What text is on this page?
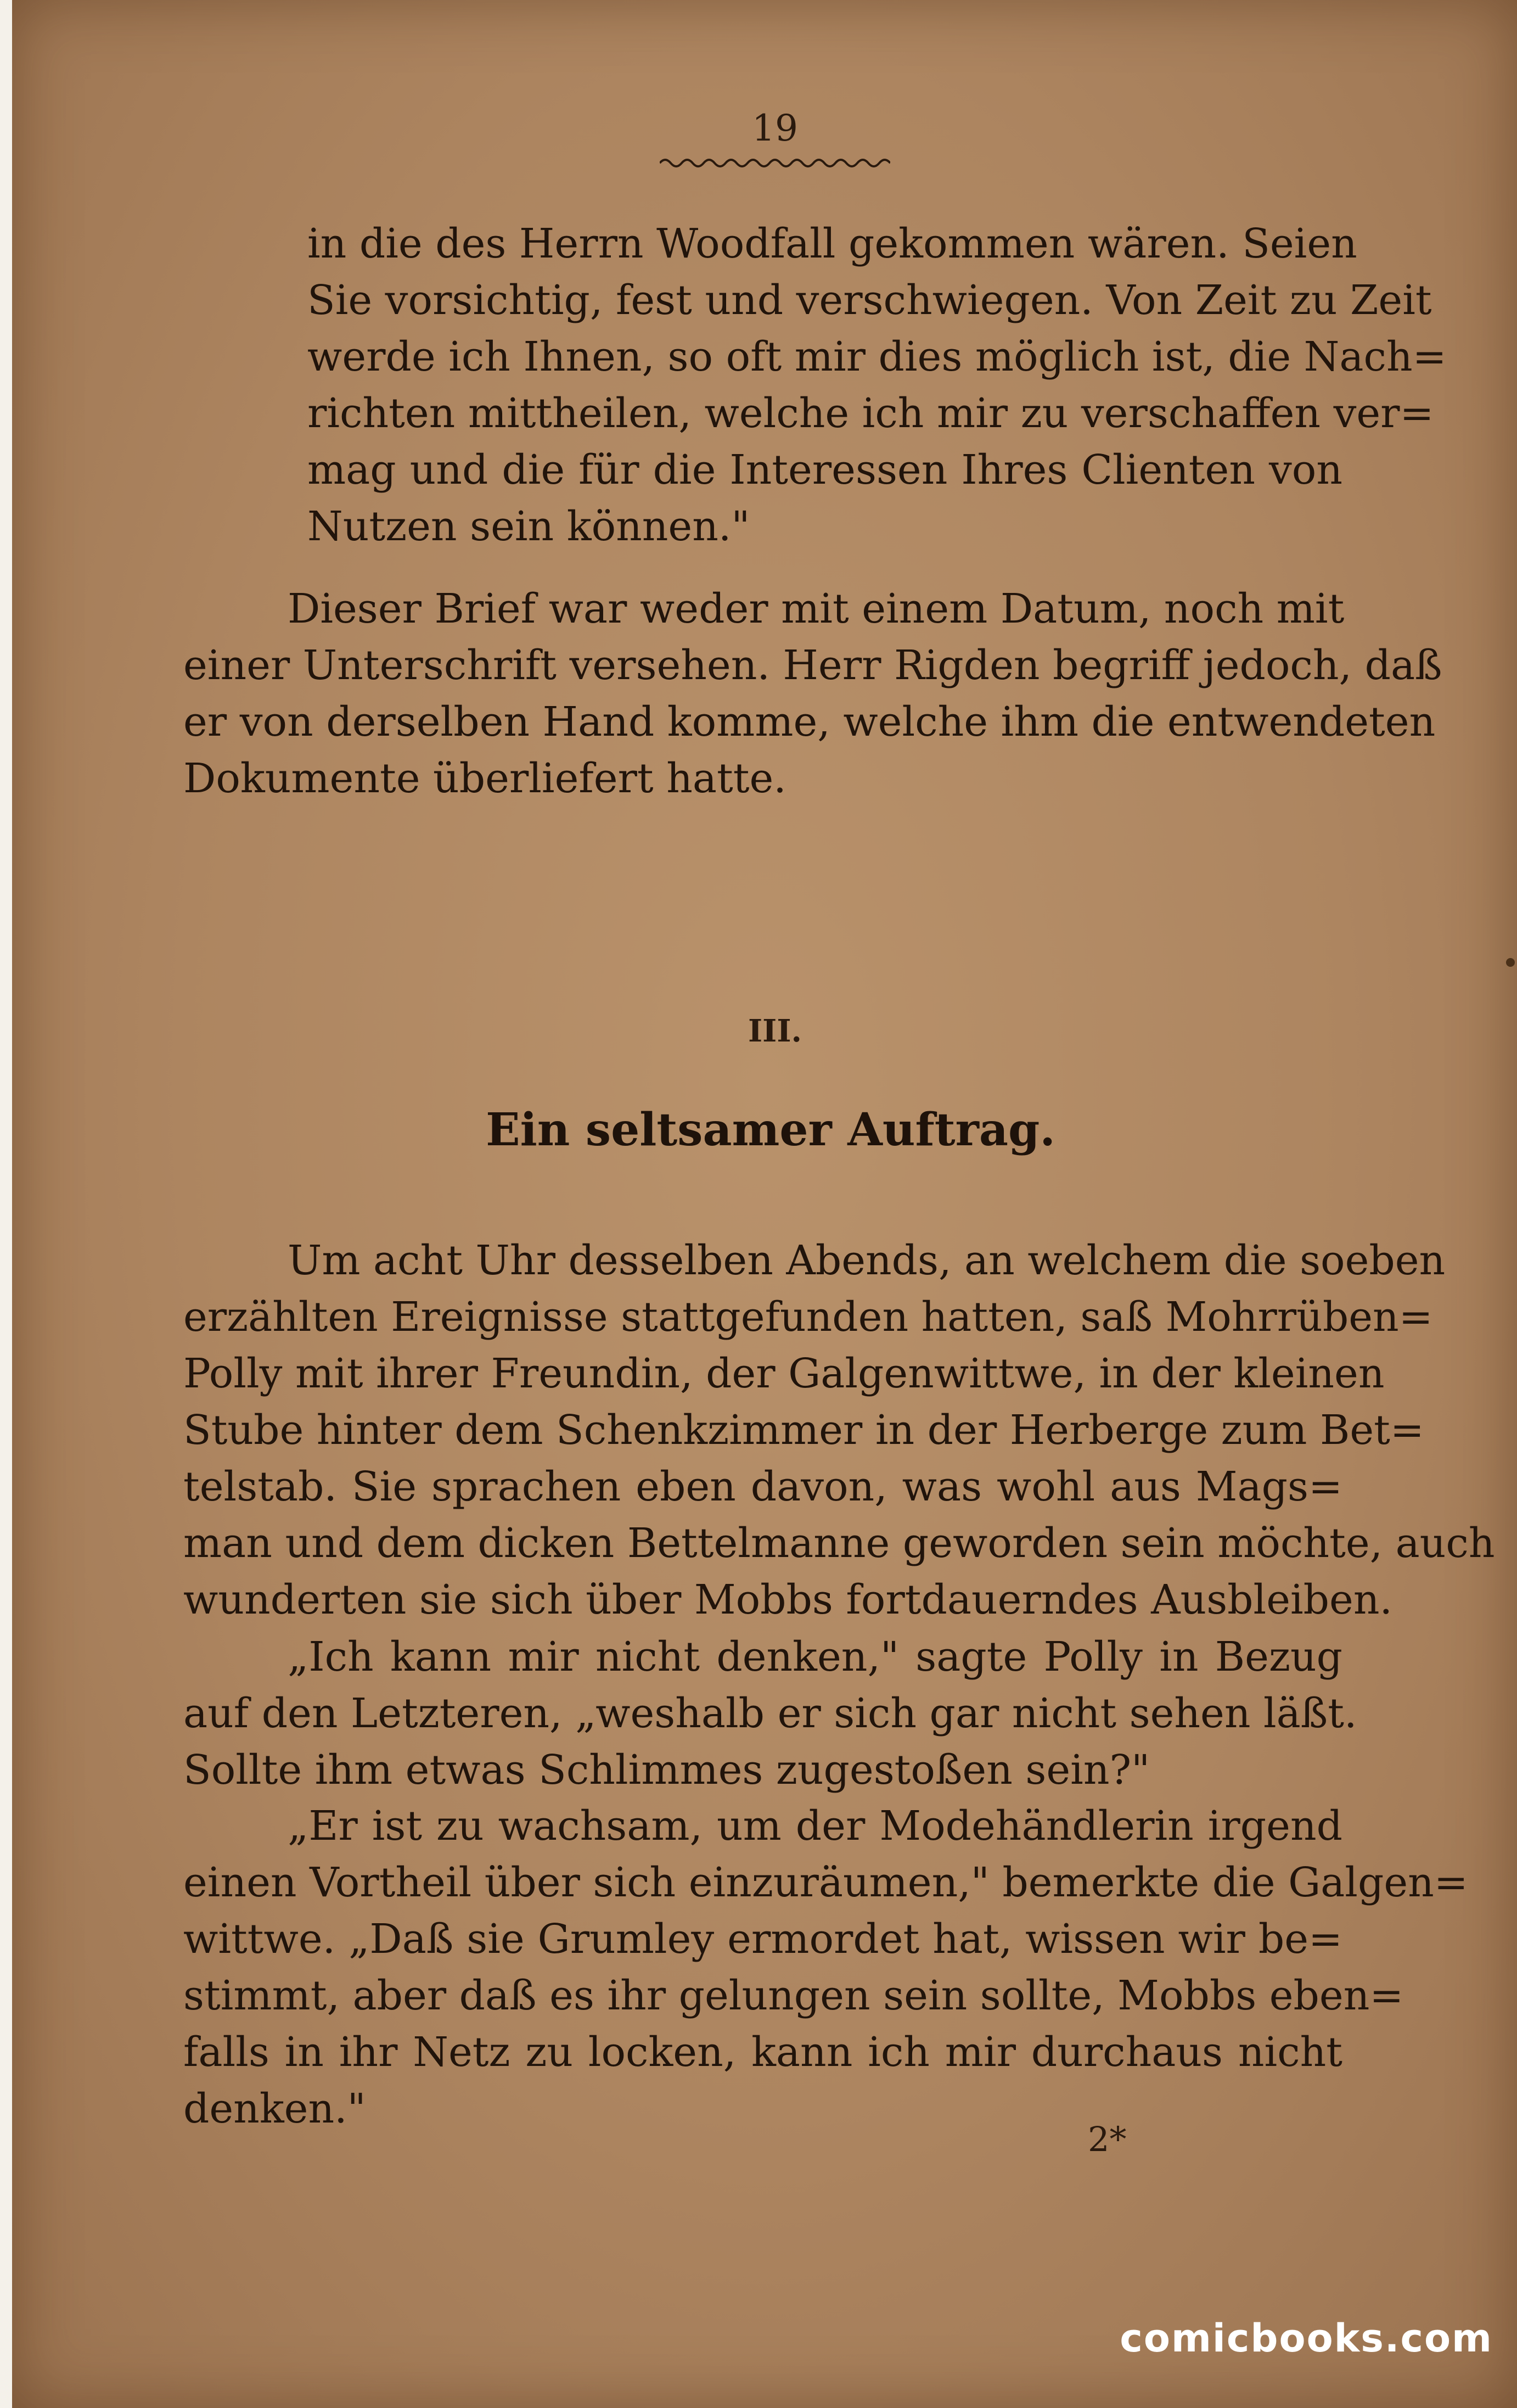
19
in die des Herrn Woodfall gekommen wären. Seien
Sie vorsichtig, fest und verschwiegen. Von Zeit zu Zeit
werde ich Ihnen, so oft mir dies möglich ist, die Nach=
richten mittheilen, welche ich mir zu verschaffen ver=
mag und die für die Interessen Ihres Clienten von
Nutzen sein können."
Dieser Brief war weder mit einem Datum, noch mit
einer Unterschrift versehen. Herr Rigden begriff jedoch, daß
er von derselben Hand komme, welche ihm die entwendeten
Dokumente überliefert hatte.
III.
Ein seltsamer Auftrag.
Um acht Uhr desselben Abends, an welchem die soeben
erzählten Ereignisse stattgefunden hatten, saß Mohrrüben=
Polly mit ihrer Freundin, der Galgenwittwe, in der kleinen
Stube hinter dem Schenkzimmer in der Herberge zum Bet=
telstab. Sie sprachen eben davon, was wohl aus Mags=
man und dem dicken Bettelmanne geworden sein möchte, auch
wunderten sie sich über Mobbs fortdauerndes Ausbleiben.
„Ich kann mir nicht denken," sagte Polly in Bezug
auf den Letzteren, „weshalb er sich gar nicht sehen läßt.
Sollte ihm etwas Schlimmes zugestoßen sein?"
„Er ist zu wachsam, um der Modehändlerin irgend
einen Vortheil über sich einzuräumen," bemerkte die Galgen=
wittwe. „Daß sie Grumley ermordet hat, wissen wir be=
stimmt, aber daß es ihr gelungen sein sollte, Mobbs eben=
falls in ihr Netz zu locken, kann ich mir durchaus nicht
denken."
2*
comicbooks.com
